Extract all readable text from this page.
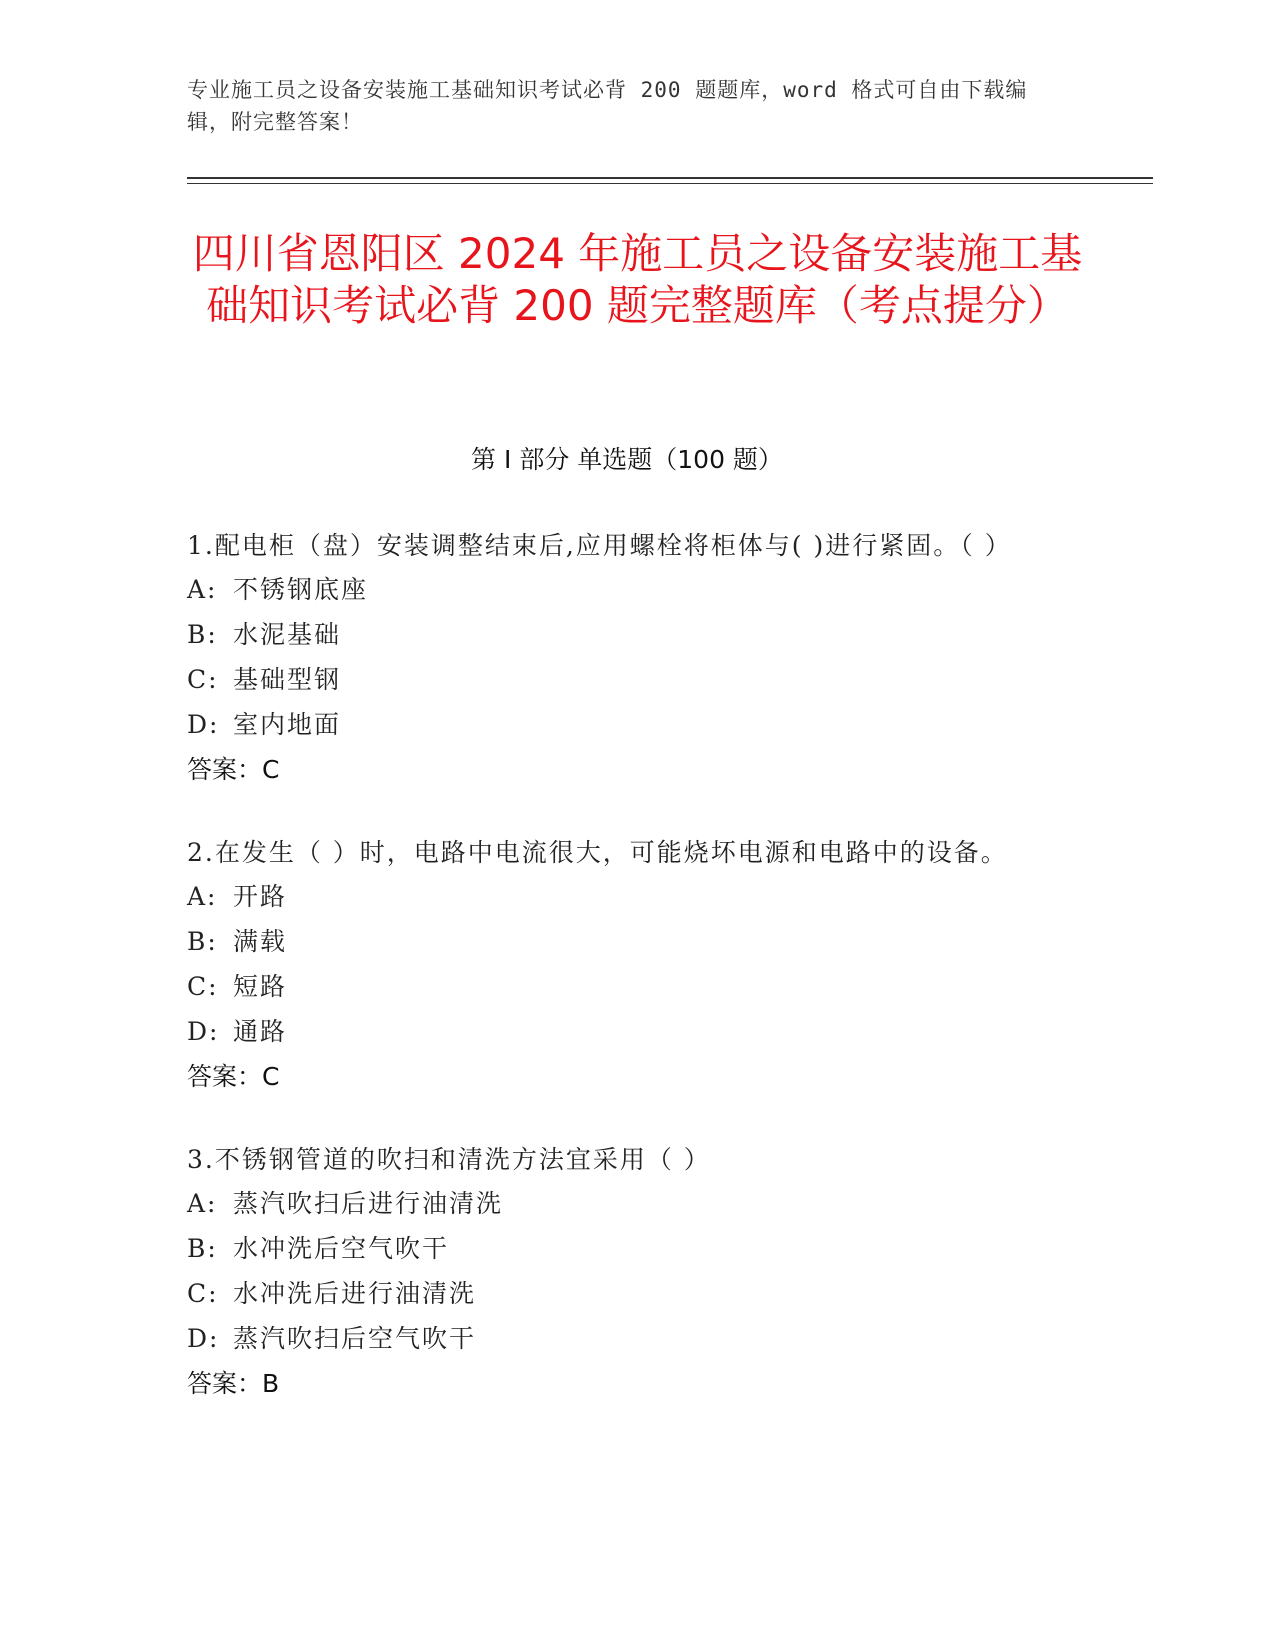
专业施工员之设备安装施工基础知识考试必背 200 题题库，word 格式可自由下载编辑，附完整答案！
四川省恩阳区 2024 年施工员之设备安装施工基础知识考试必背 200 题完整题库（考点提分）
第 I 部分 单选题（100 题）

1.配电柜（盘）安装调整结束后,应用螺栓将柜体与( )进行紧固。（ ）

A: 不锈钢底座

B: 水泥基础

C: 基础型钢

D: 室内地面

答案：C

2.在发生（ ）时，电路中电流很大，可能烧坏电源和电路中的设备。

A: 开路

B: 满载

C: 短路

D: 通路

答案：C

3.不锈钢管道的吹扫和清洗方法宜采用（ ）

A: 蒸汽吹扫后进行油清洗

B: 水冲洗后空气吹干

C: 水冲洗后进行油清洗

D: 蒸汽吹扫后空气吹干

答案：B
